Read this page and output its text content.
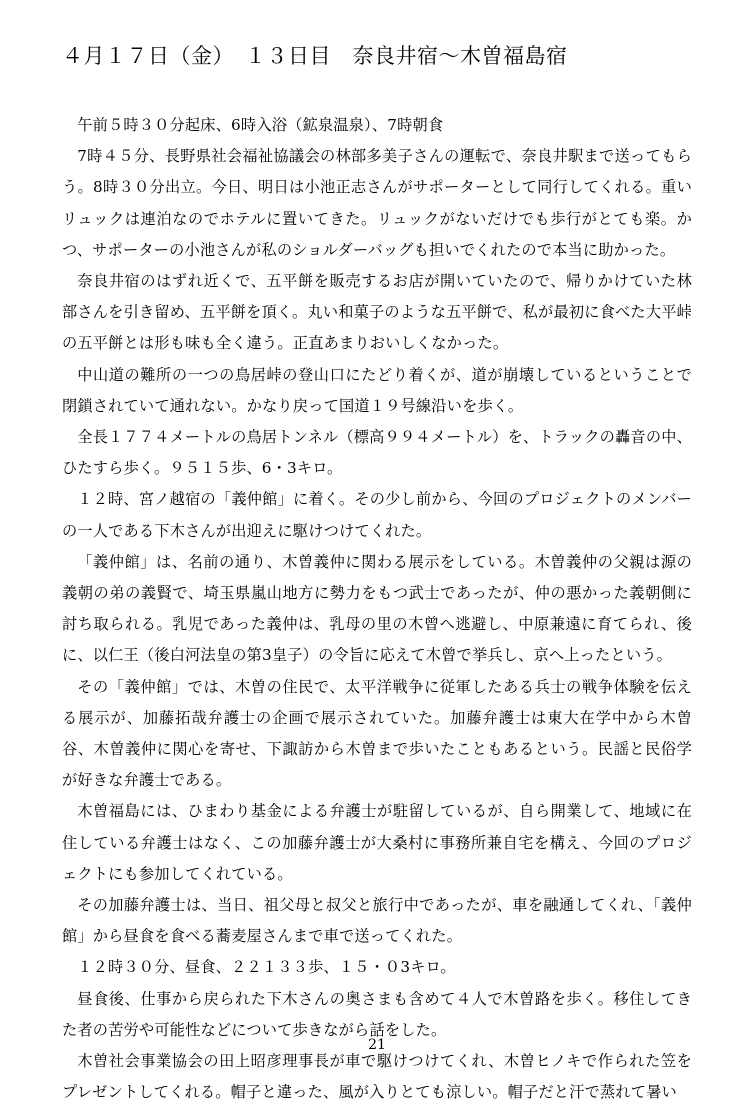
４月１７日（金）　１３日目　奈良井宿〜木曽福島宿

午前５時３０分起床、6時入浴（鉱泉温泉）、7時朝食

7時４５分、長野県社会福祉協議会の林部多美子さんの運転で、奈良井駅まで送ってもらう。8時３０分出立。今日、明日は小池正志さんがサポーターとして同行してくれる。重いリュックは連泊なのでホテルに置いてきた。リュックがないだけでも歩行がとても楽。かつ、サポーターの小池さんが私のショルダーバッグも担いでくれたので本当に助かった。

奈良井宿のはずれ近くで、五平餅を販売するお店が開いていたので、帰りかけていた林部さんを引き留め、五平餅を頂く。丸い和菓子のような五平餅で、私が最初に食べた大平峠の五平餅とは形も味も全く違う。正直あまりおいしくなかった。

中山道の難所の一つの鳥居峠の登山口にたどり着くが、道が崩壊しているということで閉鎖されていて通れない。かなり戻って国道１９号線沿いを歩く。

全長１７７４メートルの鳥居トンネル（標高９９４メートル）を、トラックの轟音の中、ひたすら歩く。９５１５歩、6・3キロ。

１２時、宮ノ越宿の「義仲館」に着く。その少し前から、今回のプロジェクトのメンバーの一人である下木さんが出迎えに駆けつけてくれた。

「義仲館」は、名前の通り、木曽義仲に関わる展示をしている。木曽義仲の父親は源の義朝の弟の義賢で、埼玉県嵐山地方に勢力をもつ武士であったが、仲の悪かった義朝側に討ち取られる。乳児であった義仲は、乳母の里の木曾へ逃避し、中原兼遠に育てられ、後に、以仁王（後白河法皇の第3皇子）の令旨に応えて木曾で挙兵し、京へ上ったという。

その「義仲館」では、木曽の住民で、太平洋戦争に従軍したある兵士の戦争体験を伝える展示が、加藤拓哉弁護士の企画で展示されていた。加藤弁護士は東大在学中から木曽谷、木曽義仲に関心を寄せ、下諏訪から木曽まで歩いたこともあるという。民謡と民俗学が好きな弁護士である。

木曽福島には、ひまわり基金による弁護士が駐留しているが、自ら開業して、地域に在住している弁護士はなく、この加藤弁護士が大桑村に事務所兼自宅を構え、今回のプロジェクトにも参加してくれている。

その加藤弁護士は、当日、祖父母と叔父と旅行中であったが、車を融通してくれ、「義仲館」から昼食を食べる蕎麦屋さんまで車で送ってくれた。

１２時３０分、昼食、２２１３３歩、１５・０3キロ。

昼食後、仕事から戻られた下木さんの奥さまも含めて４人で木曽路を歩く。移住してきた者の苦労や可能性などについて歩きながら話をした。

木曽社会事業協会の田上昭彦理事長が車で駆けつけてくれ、木曽ヒノキで作られた笠をプレゼントしてくれる。帽子と違った、風が入りとても涼しい。帽子だと汗で蒸れて暑い

21
